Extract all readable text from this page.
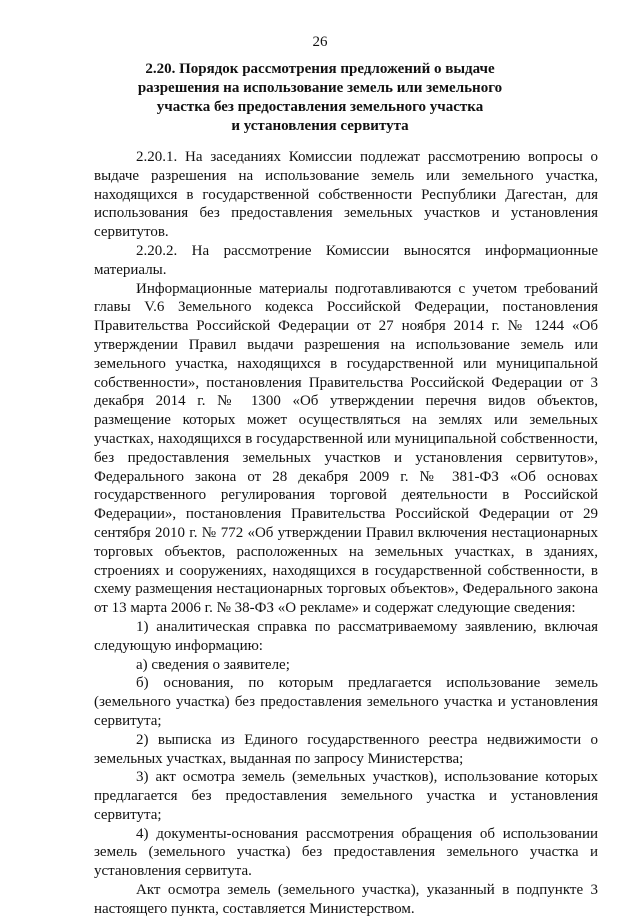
26
2.20. Порядок рассмотрения предложений о выдаче
разрешения на использование земель или земельного
участка без предоставления земельного участка
и установления сервитута

2.20.1. На заседаниях Комиссии подлежат рассмотрению вопросы о выдаче разрешения на использование земель или земельного участка, находящихся в государственной собственности Республики Дагестан, для использования без предоставления земельных участков и установления сервитутов.

2.20.2. На рассмотрение Комиссии выносятся информационные материалы.

Информационные материалы подготавливаются с учетом требований главы V.6 Земельного кодекса Российской Федерации, постановления Правительства Российской Федерации от 27 ноября 2014 г. № 1244 «Об утверждении Правил выдачи разрешения на использование земель или земельного участка, находящихся в государственной или муниципальной собственности», постановления Правительства Российской Федерации от 3 декабря 2014 г. № 1300 «Об утверждении перечня видов объектов, размещение которых может осуществляться на землях или земельных участках, находящихся в государственной или муниципальной собственности, без предоставления земельных участков и установления сервитутов», Федерального закона от 28 декабря 2009 г. № 381-ФЗ «Об основах государственного регулирования торговой деятельности в Российской Федерации», постановления Правительства Российской Федерации от 29 сентября 2010 г. № 772 «Об утверждении Правил включения нестационарных торговых объектов, расположенных на земельных участках, в зданиях, строениях и сооружениях, находящихся в государственной собственности, в схему размещения нестационарных торговых объектов», Федерального закона от 13 марта 2006 г. № 38-ФЗ «О рекламе» и содержат следующие сведения:

1) аналитическая справка по рассматриваемому заявлению, включая следующую информацию:

а) сведения о заявителе;

б) основания, по которым предлагается использование земель (земельного участка) без предоставления земельного участка и установления сервитута;

2) выписка из Единого государственного реестра недвижимости о земельных участках, выданная по запросу Министерства;

3) акт осмотра земель (земельных участков), использование которых предлагается без предоставления земельного участка и установления сервитута;

4) документы-основания рассмотрения обращения об использовании земель (земельного участка) без предоставления земельного участка и установления сервитута.

Акт осмотра земель (земельного участка), указанный в подпункте 3 настоящего пункта, составляется Министерством.
